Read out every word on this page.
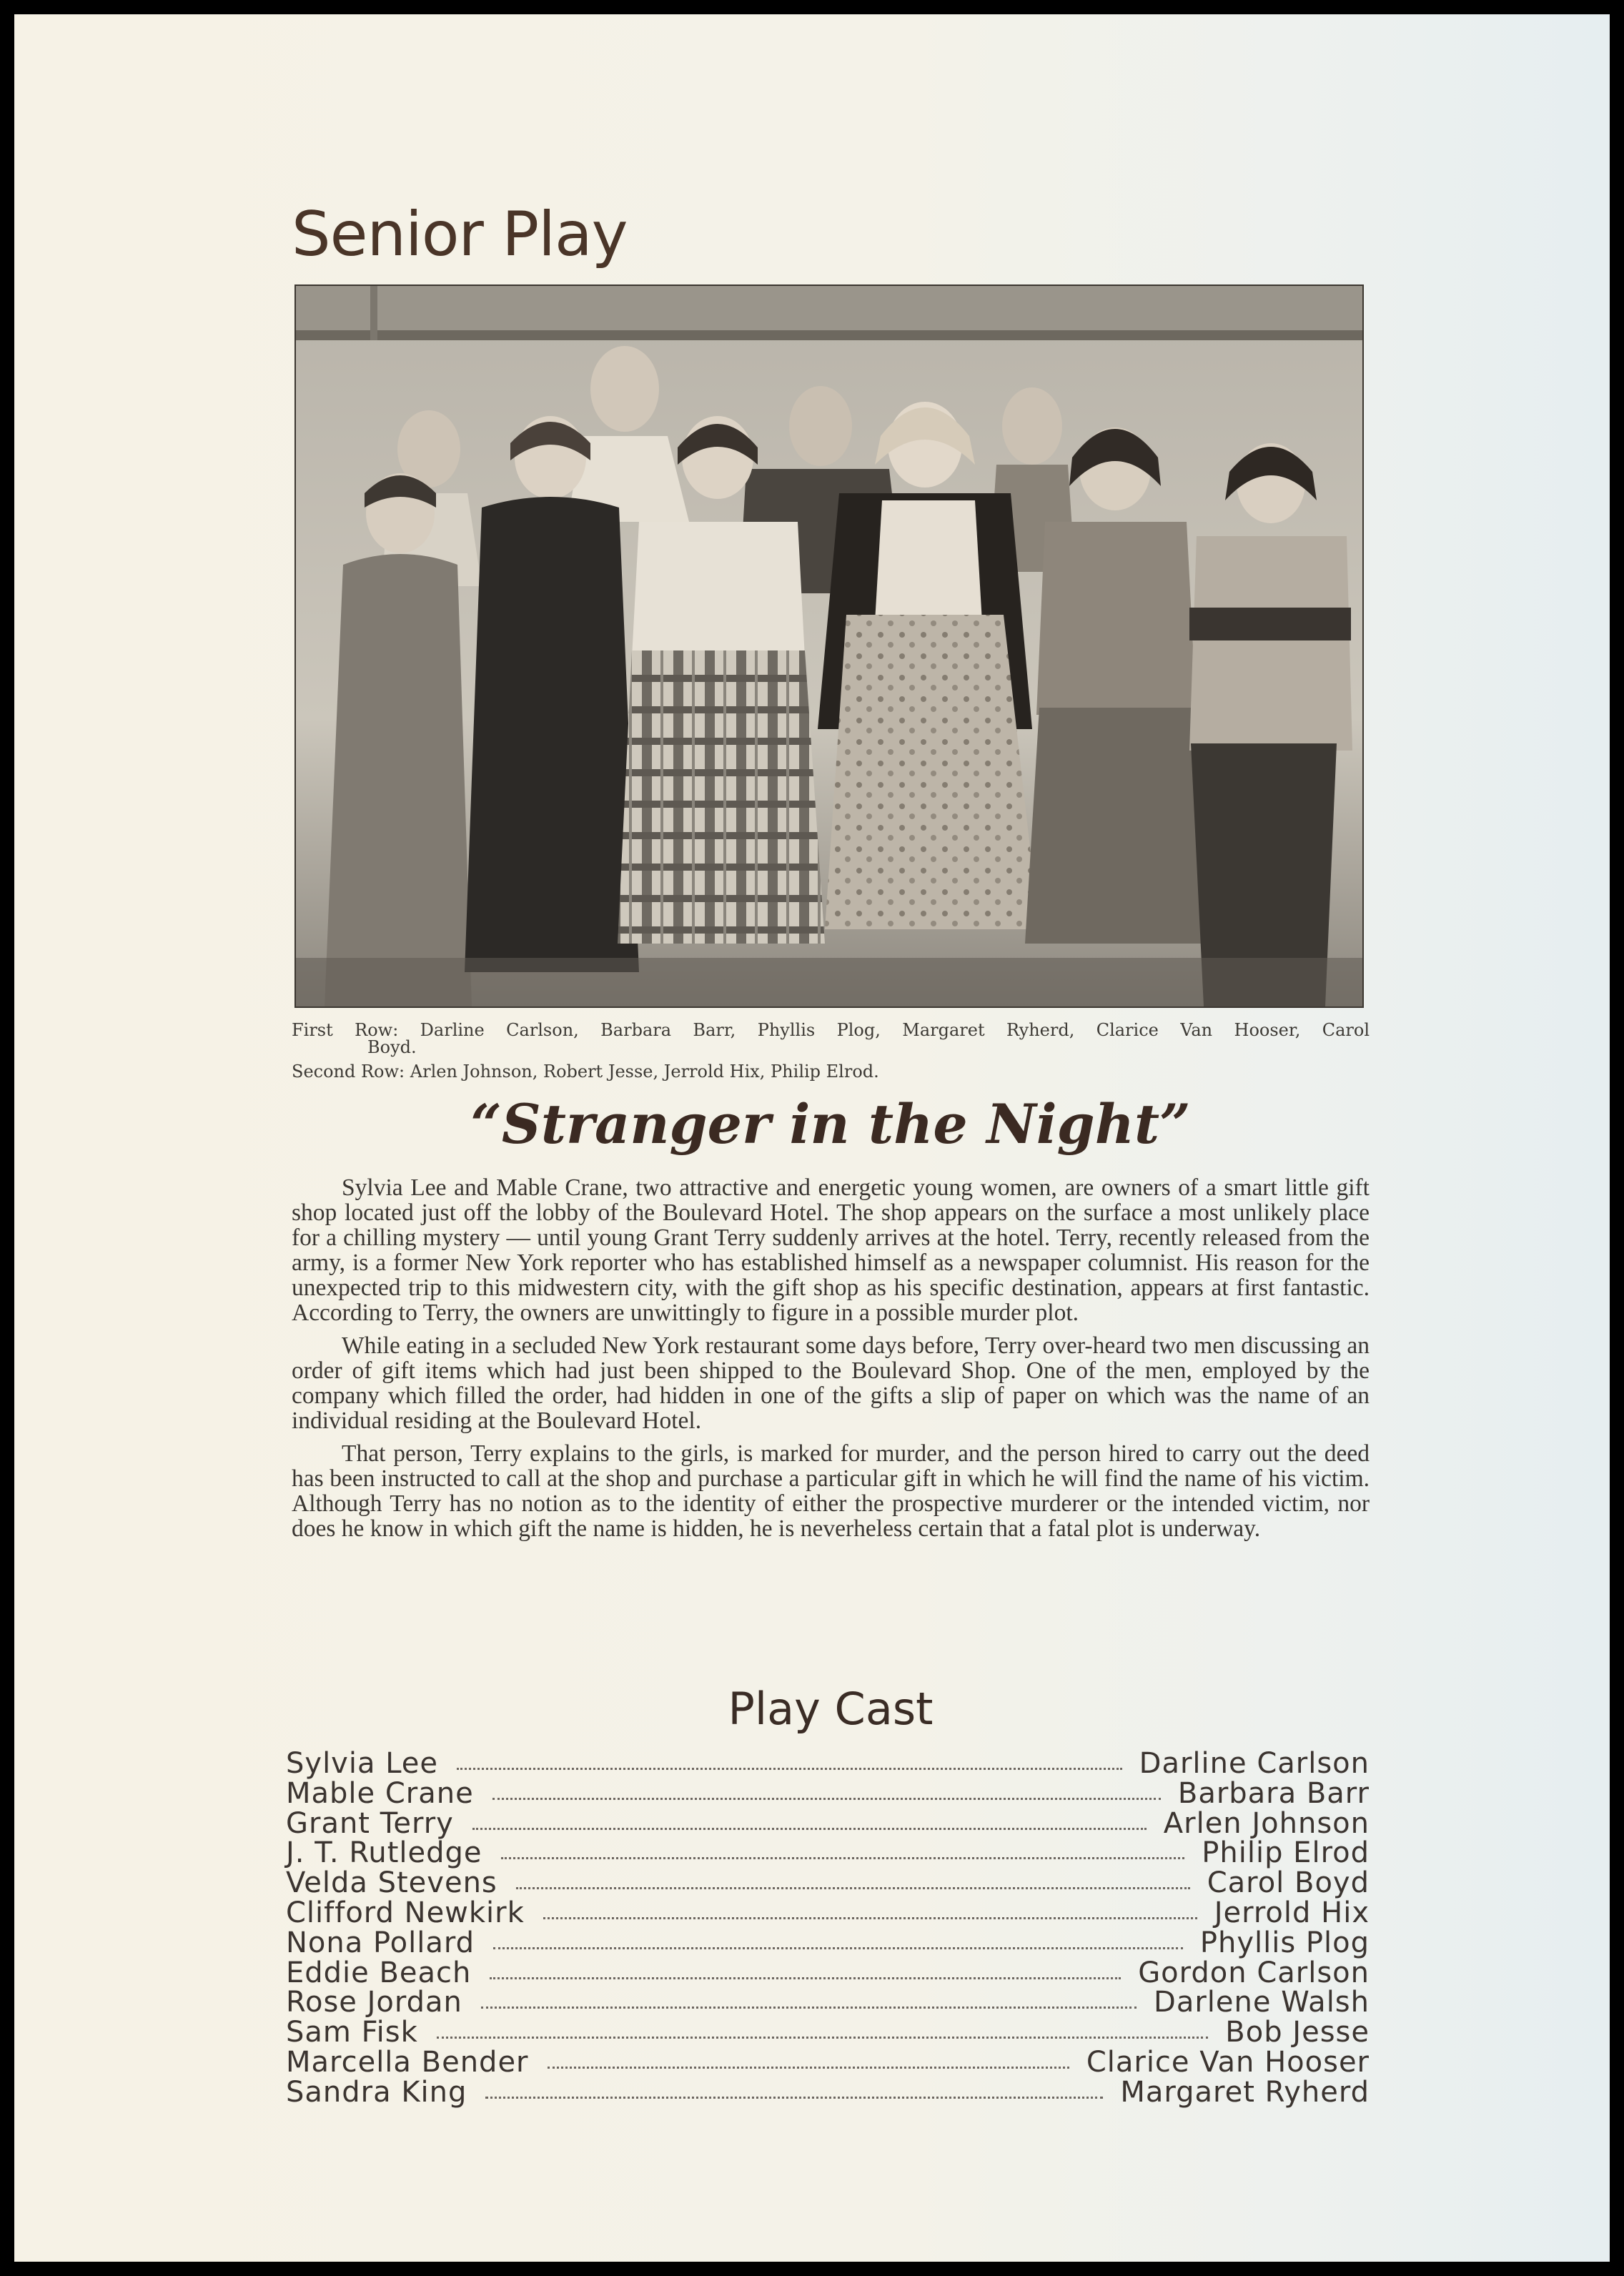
Senior Play
First Row: Darline Carlson, Barbara Barr, Phyllis Plog, Margaret Ryherd, Clarice Van Hooser, Carol
Boyd.
Second Row: Arlen Johnson, Robert Jesse, Jerrold Hix, Philip Elrod.
“Stranger in the Night”

Sylvia Lee and Mable Crane, two attractive and energetic young women, are owners of a smart little gift shop located just off the lobby of the Boulevard Hotel. The shop appears on the surface a most unlikely place for a chilling mystery — until young Grant Terry suddenly arrives at the hotel. Terry, recently released from the army, is a former New York reporter who has established himself as a newspaper columnist. His reason for the unexpected trip to this midwestern city, with the gift shop as his specific destination, appears at first fantastic. According to Terry, the owners are unwittingly to figure in a possible murder plot.

While eating in a secluded New York restaurant some days before, Terry over-heard two men discussing an order of gift items which had just been shipped to the Boulevard Shop. One of the men, employed by the company which filled the order, had hidden in one of the gifts a slip of paper on which was the name of an individual residing at the Boulevard Hotel.

That person, Terry explains to the girls, is marked for murder, and the person hired to carry out the deed has been instructed to call at the shop and purchase a particular gift in which he will find the name of his victim. Although Terry has no notion as to the identity of either the prospective murderer or the intended victim, nor does he know in which gift the name is hidden, he is neverheless certain that a fatal plot is underway.

Play Cast
Sylvia Lee	Darline Carlson
Mable Crane	Barbara Barr
Grant Terry	Arlen Johnson
J. T. Rutledge	Philip Elrod
Velda Stevens	Carol Boyd
Clifford Newkirk	Jerrold Hix
Nona Pollard	Phyllis Plog
Eddie Beach	Gordon Carlson
Rose Jordan	Darlene Walsh
Sam Fisk	Bob Jesse
Marcella Bender	Clarice Van Hooser
Sandra King	Margaret Ryherd
